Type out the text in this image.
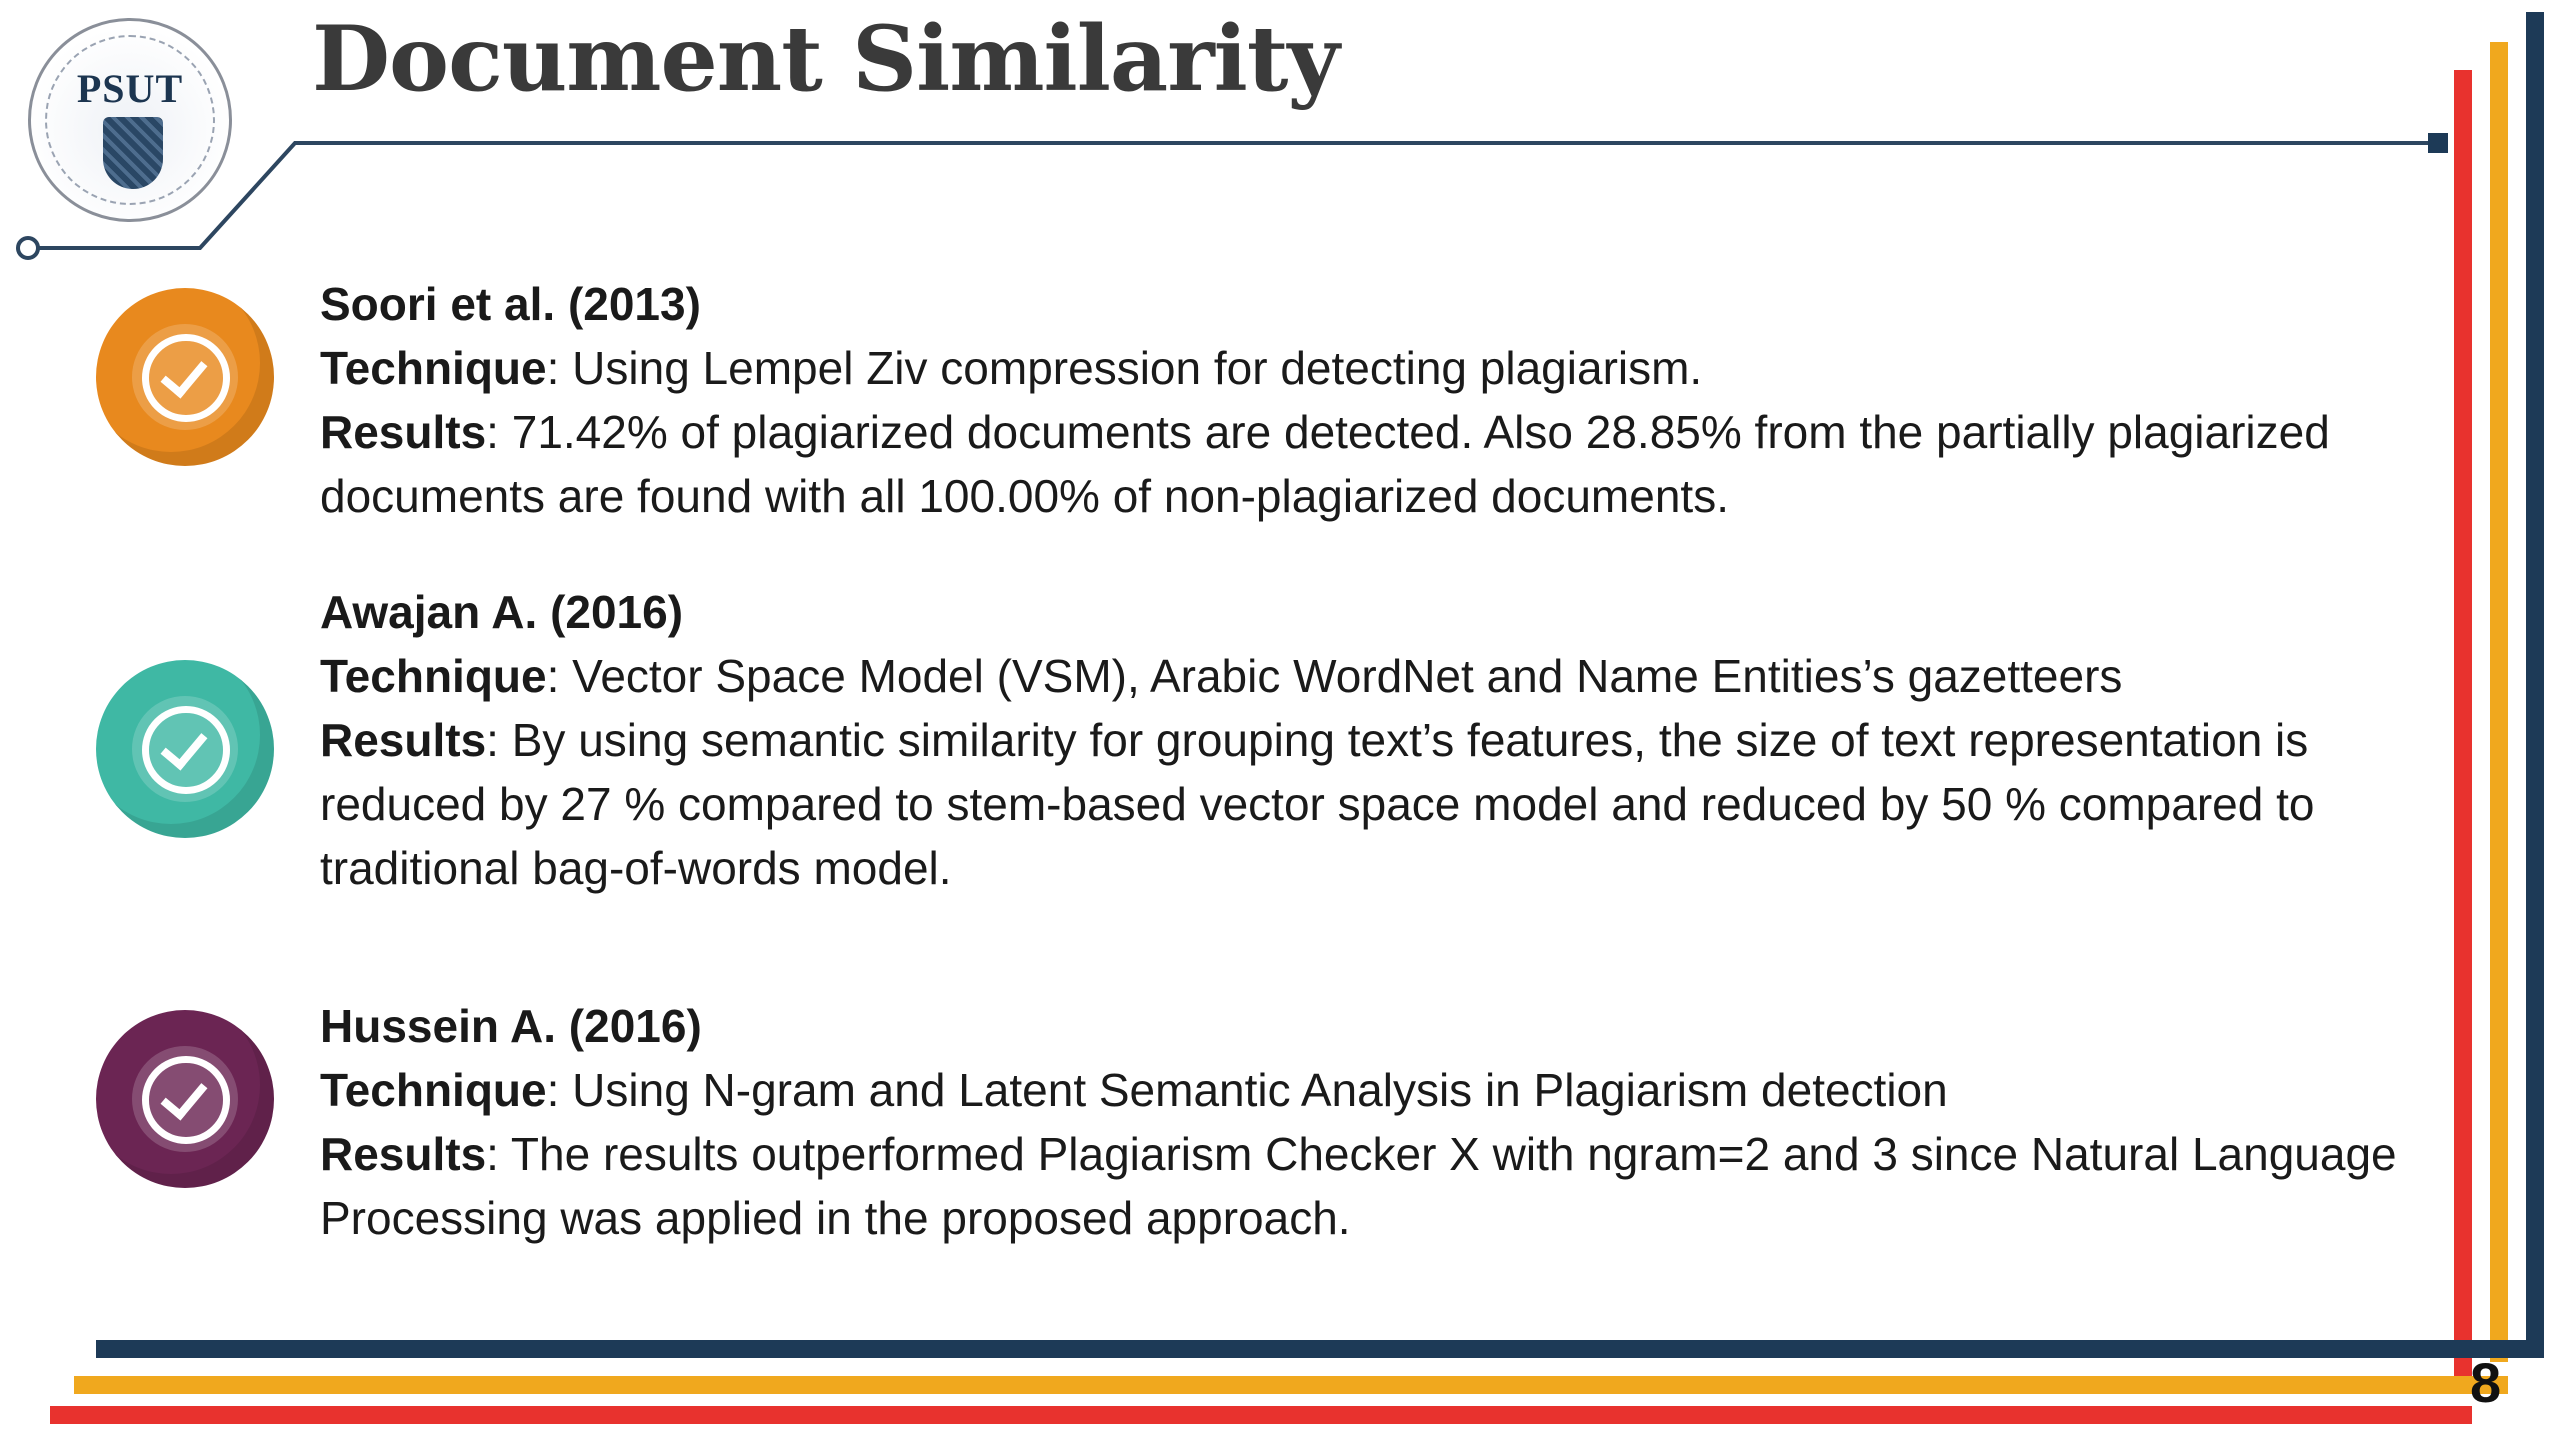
PSUT	Document Similarity

Soori et al. (2013)

Technique: Using Lempel Ziv compression for detecting plagiarism.

Results: 71.42% of plagiarized documents are detected. Also 28.85% from the partially plagiarized documents are found with all 100.00% of non-plagiarized documents.

Awajan A. (2016)

Technique: Vector Space Model (VSM), Arabic WordNet and Name Entities’s gazetteers

Results: By using semantic similarity for grouping text’s features, the size of text representation is reduced by 27 % compared to stem-based vector space model and reduced by 50 % compared to traditional bag-of-words model.

Hussein A. (2016)

Technique: Using N-gram and Latent Semantic Analysis in Plagiarism detection

Results: The results outperformed Plagiarism Checker X with ngram=2 and 3 since Natural Language Processing was applied in the proposed approach.

8
